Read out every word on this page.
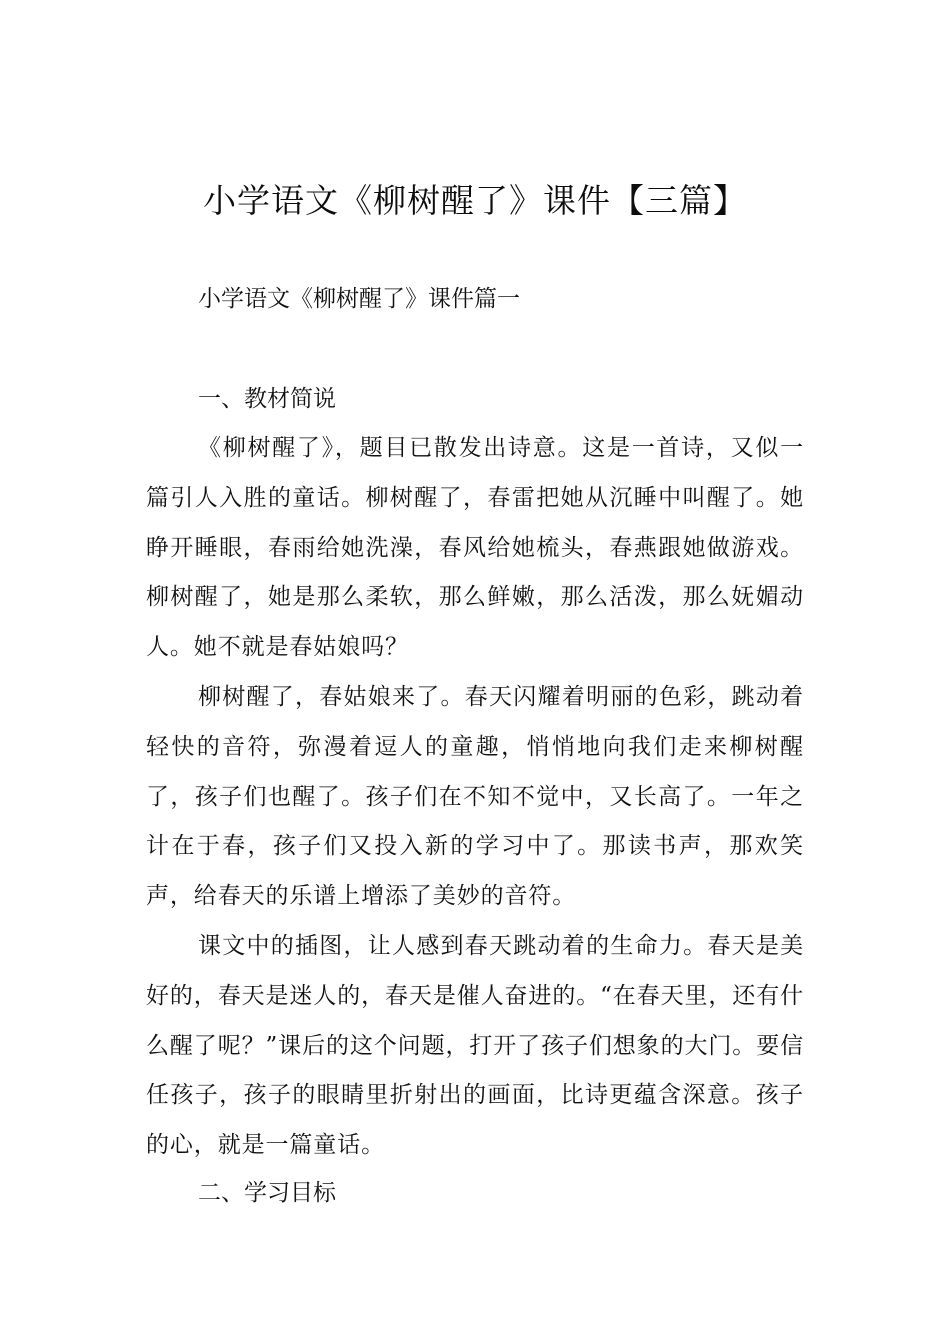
小学语文《柳树醒了》课件【三篇】

小学语文《柳树醒了》课件篇一

一、教材简说

《柳树醒了》，题目已散发出诗意。这是一首诗，又似一篇引人入胜的童话。柳树醒了，春雷把她从沉睡中叫醒了。她睁开睡眼，春雨给她洗澡，春风给她梳头，春燕跟她做游戏。柳树醒了，她是那么柔软，那么鲜嫩，那么活泼，那么妩媚动人。她不就是春姑娘吗？

柳树醒了，春姑娘来了。春天闪耀着明丽的色彩，跳动着轻快的音符，弥漫着逗人的童趣，悄悄地向我们走来柳树醒了，孩子们也醒了。孩子们在不知不觉中，又长高了。一年之计在于春，孩子们又投入新的学习中了。那读书声，那欢笑声，给春天的乐谱上增添了美妙的音符。

课文中的插图，让人感到春天跳动着的生命力。春天是美好的，春天是迷人的，春天是催人奋进的。“在春天里，还有什么醒了呢？”课后的这个问题，打开了孩子们想象的大门。要信任孩子，孩子的眼睛里折射出的画面，比诗更蕴含深意。孩子的心，就是一篇童话。

二、学习目标
